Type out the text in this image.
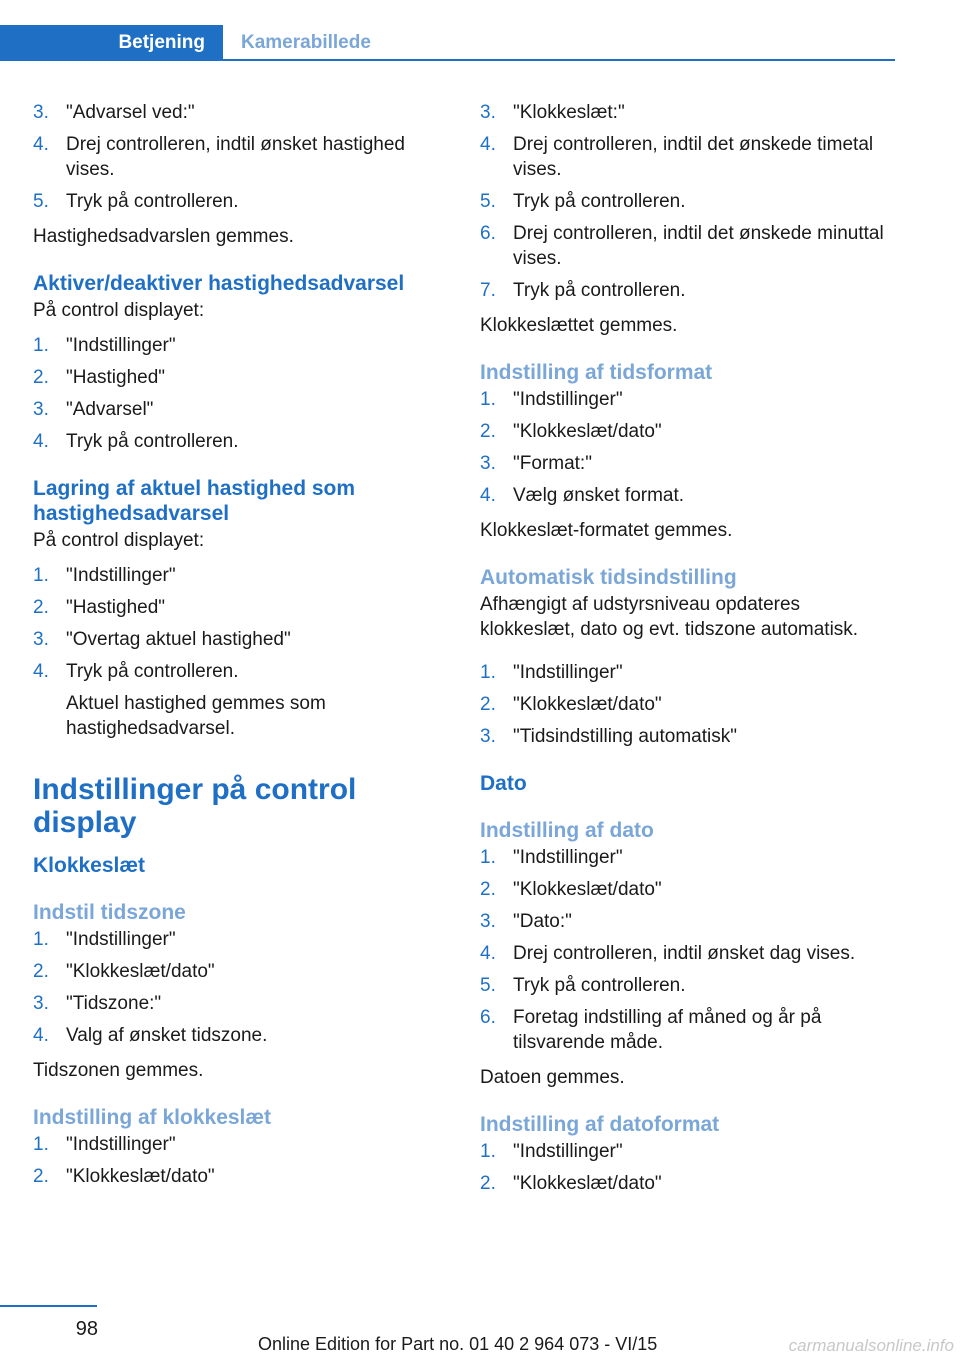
Betjening	Kamerabillede
3. "Advarsel ved:"
4. Drej controlleren, indtil ønsket hastighed vises.
5. Tryk på controlleren.

Hastighedsadvarslen gemmes.

Aktiver/deaktiver hastighedsadvarsel

På control displayet:

1. "Indstillinger"
2. "Hastighed"
3. "Advarsel"
4. Tryk på controlleren.
Lagring af aktuel hastighed som hastighedsadvarsel

På control displayet:

1. "Indstillinger"
2. "Hastighed"
3. "Overtag aktuel hastighed"
4. Tryk på controlleren.
Aktuel hastighed gemmes som hastighedsadvarsel.
Indstillinger på control display
Klokkeslæt
Indstil tidszone
1. "Indstillinger"
2. "Klokkeslæt/dato"
3. "Tidszone:"
4. Valg af ønsket tidszone.

Tidszonen gemmes.

Indstilling af klokkeslæt
1. "Indstillinger"
2. "Klokkeslæt/dato"
3. "Klokkeslæt:"
4. Drej controlleren, indtil det ønskede timetal vises.
5. Tryk på controlleren.
6. Drej controlleren, indtil det ønskede minuttal vises.
7. Tryk på controlleren.

Klokkeslættet gemmes.

Indstilling af tidsformat
1. "Indstillinger"
2. "Klokkeslæt/dato"
3. "Format:"
4. Vælg ønsket format.

Klokkeslæt-formatet gemmes.

Automatisk tidsindstilling

Afhængigt af udstyrsniveau opdateres klokkeslæt, dato og evt. tidszone automatisk.

1. "Indstillinger"
2. "Klokkeslæt/dato"
3. "Tidsindstilling automatisk"
Dato
Indstilling af dato
1. "Indstillinger"
2. "Klokkeslæt/dato"
3. "Dato:"
4. Drej controlleren, indtil ønsket dag vises.
5. Tryk på controlleren.
6. Foretag indstilling af måned og år på tilsvarende måde.

Datoen gemmes.

Indstilling af datoformat
1. "Indstillinger"
2. "Klokkeslæt/dato"
98
Online Edition for Part no. 01 40 2 964 073 - VI/15	carmanualsonline.info
